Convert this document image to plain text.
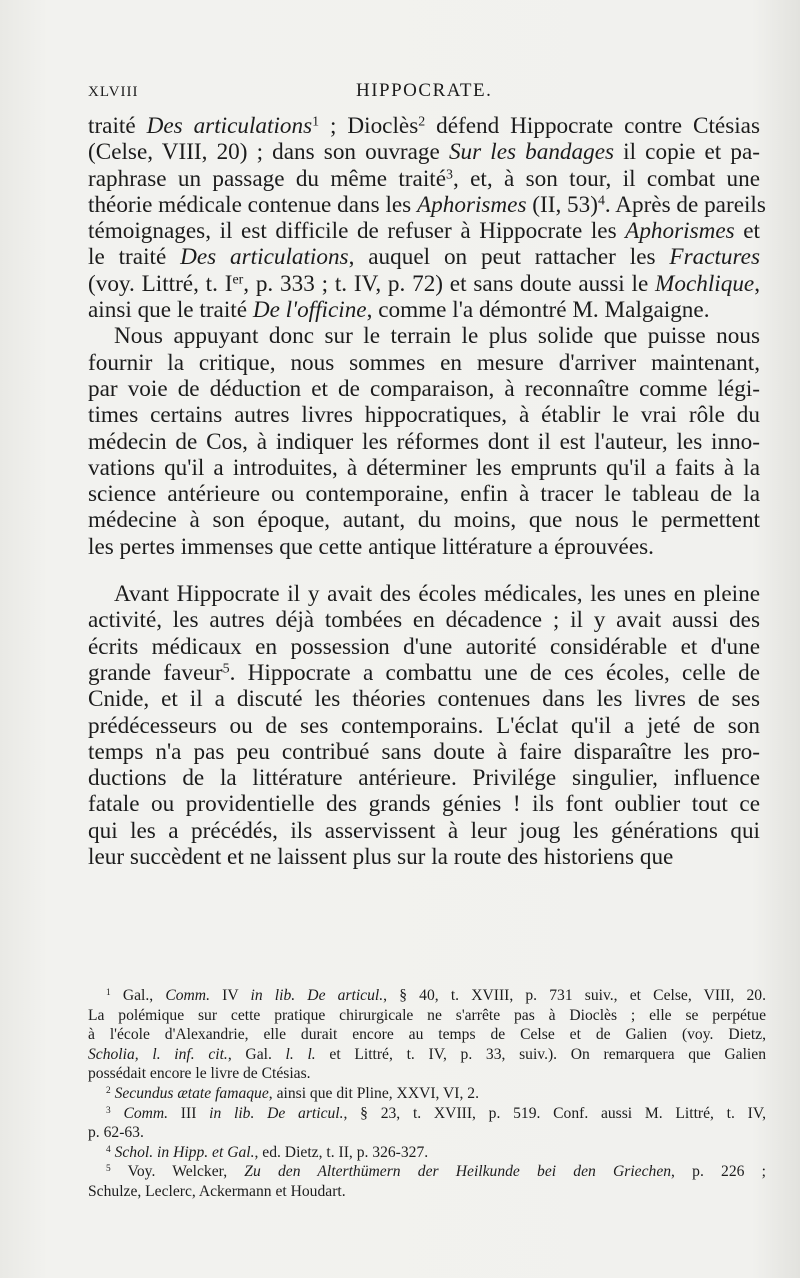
XLVIII	HIPPOCRATE.
traité Des articulations$^1$ ; Dioclès$^2$ défend Hippocrate contre Ctésias
(Celse, VIII, 20) ; dans son ouvrage Sur les bandages il copie et pa-
raphrase un passage du même traité$^3$, et, à son tour, il combat une
théorie médicale contenue dans les Aphorismes (II, 53)$^4$. Après de pareils
témoignages, il est difficile de refuser à Hippocrate les Aphorismes et
le traité Des articulations, auquel on peut rattacher les Fractures
(voy. Littré, t. Ier, p. 333 ; t. IV, p. 72) et sans doute aussi le Mochlique,
ainsi que le traité De l'officine, comme l'a démontré M. Malgaigne.
Nous appuyant donc sur le terrain le plus solide que puisse nous
fournir la critique, nous sommes en mesure d'arriver maintenant,
par voie de déduction et de comparaison, à reconnaître comme légi-
times certains autres livres hippocratiques, à établir le vrai rôle du
médecin de Cos, à indiquer les réformes dont il est l'auteur, les inno-
vations qu'il a introduites, à déterminer les emprunts qu'il a faits à la
science antérieure ou contemporaine, enfin à tracer le tableau de la
médecine à son époque, autant, du moins, que nous le permettent
les pertes immenses que cette antique littérature a éprouvées.
Avant Hippocrate il y avait des écoles médicales, les unes en pleine
activité, les autres déjà tombées en décadence ; il y avait aussi des
écrits médicaux en possession d'une autorité considérable et d'une
grande faveur$^5$. Hippocrate a combattu une de ces écoles, celle de
Cnide, et il a discuté les théories contenues dans les livres de ses
prédécesseurs ou de ses contemporains. L'éclat qu'il a jeté de son
temps n'a pas peu contribué sans doute à faire disparaître les pro-
ductions de la littérature antérieure. Privilége singulier, influence
fatale ou providentielle des grands génies ! ils font oublier tout ce
qui les a précédés, ils asservissent à leur joug les générations qui
leur succèdent et ne laissent plus sur la route des historiens que
$^1$ Gal., Comm. IV in lib. De articul., § 40, t. XVIII, p. 731 suiv., et Celse, VIII, 20.
La polémique sur cette pratique chirurgicale ne s'arrête pas à Dioclès ; elle se perpétue
à l'école d'Alexandrie, elle durait encore au temps de Celse et de Galien (voy. Dietz,
Scholia, l. inf. cit., Gal. l. l. et Littré, t. IV, p. 33, suiv.). On remarquera que Galien
possédait encore le livre de Ctésias.
$^2$ Secundus ætate famaque, ainsi que dit Pline, XXVI, VI, 2.
$^3$ Comm. III in lib. De articul., § 23, t. XVIII, p. 519. Conf. aussi M. Littré, t. IV,
p. 62-63.
$^4$ Schol. in Hipp. et Gal., ed. Dietz, t. II, p. 326-327.
$^5$ Voy. Welcker, Zu den Alterthümern der Heilkunde bei den Griechen, p. 226 ;
Schulze, Leclerc, Ackermann et Houdart.
